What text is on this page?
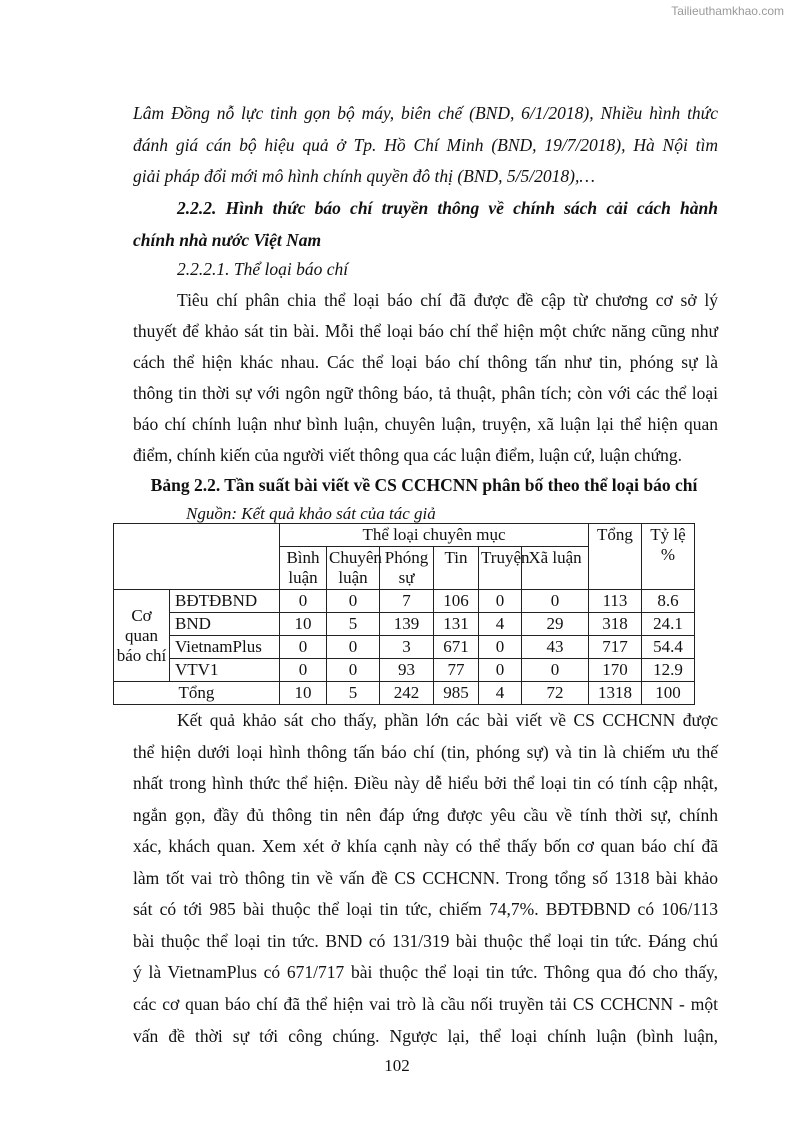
Tailieuthamkhao.com
Lâm Đồng nỗ lực tinh gọn bộ máy, biên chế (BND, 6/1/2018), Nhiều hình thức
đánh giá cán bộ hiệu quả ở Tp. Hồ Chí Minh (BND, 19/7/2018), Hà Nội tìm
giải pháp đổi mới mô hình chính quyền đô thị (BND, 5/5/2018),…
2.2.2. Hình thức báo chí truyền thông về chính sách cải cách hành
chính nhà nước Việt Nam
2.2.2.1. Thể loại báo chí
Tiêu chí phân chia thể loại báo chí đã được đề cập từ chương cơ sở lý
thuyết để khảo sát tin bài. Mỗi thể loại báo chí thể hiện một chức năng cũng như
cách thể hiện khác nhau. Các thể loại báo chí thông tấn như tin, phóng sự là
thông tin thời sự với ngôn ngữ thông báo, tả thuật, phân tích; còn với các thể loại
báo chí chính luận như bình luận, chuyên luận, truyện, xã luận lại thể hiện quan
điểm, chính kiến của người viết thông qua các luận điểm, luận cứ, luận chứng.
Bảng 2.2. Tần suất bài viết về CS CCHCNN phân bố theo thể loại báo chí
Nguồn: Kết quả khảo sát của tác giả
		Thể loại chuyên mục						Tổng	Tỷ lệ %
		Bình luận	Chuyên luận	Phóng sự	Tin	Truyện	Xã luận		
Cơ quan báo chí	BĐTĐBND	0	0	7	106	0	0	113	8.6
	BND	10	5	139	131	4	29	318	24.1
	VietnamPlus	0	0	3	671	0	43	717	54.4
	VTV1	0	0	93	77	0	0	170	12.9
Tổng		10	5	242	985	4	72	1318	100
Kết quả khảo sát cho thấy, phần lớn các bài viết về CS CCHCNN được
thể hiện dưới loại hình thông tấn báo chí (tin, phóng sự) và tin là chiếm ưu thế
nhất trong hình thức thể hiện. Điều này dễ hiểu bởi thể loại tin có tính cập nhật,
ngắn gọn, đầy đủ thông tin nên đáp ứng được yêu cầu về tính thời sự, chính
xác, khách quan. Xem xét ở khía cạnh này có thể thấy bốn cơ quan báo chí đã
làm tốt vai trò thông tin về vấn đề CS CCHCNN. Trong tổng số 1318 bài khảo
sát có tới 985 bài thuộc thể loại tin tức, chiếm 74,7%. BĐTĐBND có 106/113
bài thuộc thể loại tin tức. BND có 131/319 bài thuộc thể loại tin tức. Đáng chú
ý là VietnamPlus có 671/717 bài thuộc thể loại tin tức. Thông qua đó cho thấy,
các cơ quan báo chí đã thể hiện vai trò là cầu nối truyền tải CS CCHCNN - một
vấn đề thời sự tới công chúng. Ngược lại, thể loại chính luận (bình luận,
102
